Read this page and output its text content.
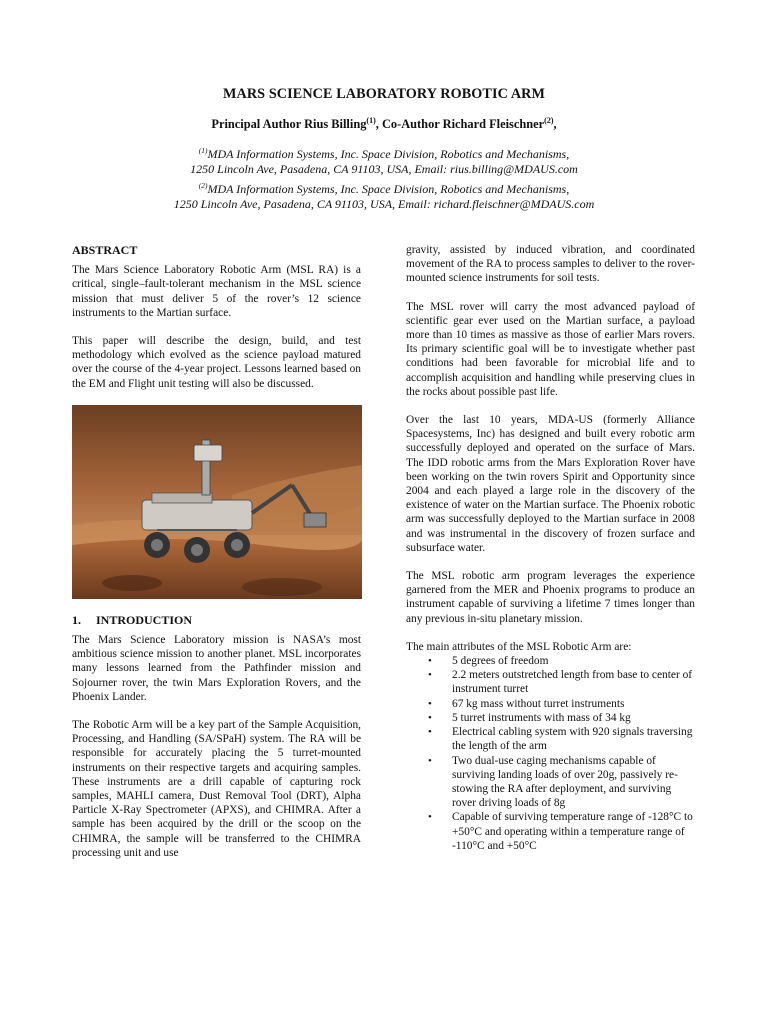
MARS SCIENCE LABORATORY ROBOTIC ARM
Principal Author Rius Billing$^{(1)}$, Co-Author Richard Fleischner$^{(2)}$,
$^{(1)}$MDA Information Systems, Inc. Space Division, Robotics and Mechanisms,
1250 Lincoln Ave, Pasadena, CA 91103, USA, Email: rius.billing@MDAUS.com
$^{(2)}$MDA Information Systems, Inc. Space Division, Robotics and Mechanisms,
1250 Lincoln Ave, Pasadena, CA 91103, USA, Email: richard.fleischner@MDAUS.com

ABSTRACT

The Mars Science Laboratory Robotic Arm (MSL RA) is a critical, single–fault-tolerant mechanism in the MSL science mission that must deliver 5 of the rover’s 12 science instruments to the Martian surface.

This paper will describe the design, build, and test methodology which evolved as the science payload matured over the course of the 4-year project. Lessons learned based on the EM and Flight unit testing will also be discussed.

1. INTRODUCTION

The Mars Science Laboratory mission is NASA’s most ambitious science mission to another planet. MSL incorporates many lessons learned from the Pathfinder mission and Sojourner rover, the twin Mars Exploration Rovers, and the Phoenix Lander.

The Robotic Arm will be a key part of the Sample Acquisition, Processing, and Handling (SA/SPaH) system. The RA will be responsible for accurately placing the 5 turret-mounted instruments on their respective targets and acquiring samples. These instruments are a drill capable of capturing rock samples, MAHLI camera, Dust Removal Tool (DRT), Alpha Particle X-Ray Spectrometer (APXS), and CHIMRA. After a sample has been acquired by the drill or the scoop on the CHIMRA, the sample will be transferred to the CHIMRA processing unit and use

gravity, assisted by induced vibration, and coordinated movement of the RA to process samples to deliver to the rover-mounted science instruments for soil tests.

The MSL rover will carry the most advanced payload of scientific gear ever used on the Martian surface, a payload more than 10 times as massive as those of earlier Mars rovers. Its primary scientific goal will be to investigate whether past conditions had been favorable for microbial life and to accomplish acquisition and handling while preserving clues in the rocks about possible past life.

Over the last 10 years, MDA-US (formerly Alliance Spacesystems, Inc) has designed and built every robotic arm successfully deployed and operated on the surface of Mars. The IDD robotic arms from the Mars Exploration Rover have been working on the twin rovers Spirit and Opportunity since 2004 and each played a large role in the discovery of the existence of water on the Martian surface. The Phoenix robotic arm was successfully deployed to the Martian surface in 2008 and was instrumental in the discovery of frozen surface and subsurface water.

The MSL robotic arm program leverages the experience garnered from the MER and Phoenix programs to produce an instrument capable of surviving a lifetime 7 times longer than any previous in-situ planetary mission.

The main attributes of the MSL Robotic Arm are:

• 5 degrees of freedom
• 2.2 meters outstretched length from base to center of instrument turret
• 67 kg mass without turret instruments
• 5 turret instruments with mass of 34 kg
• Electrical cabling system with 920 signals traversing the length of the arm
• Two dual-use caging mechanisms capable of surviving landing loads of over 20g, passively re-stowing the RA after deployment, and surviving rover driving loads of 8g
• Capable of surviving temperature range of -128°C to +50°C and operating within a temperature range of -110°C and +50°C
